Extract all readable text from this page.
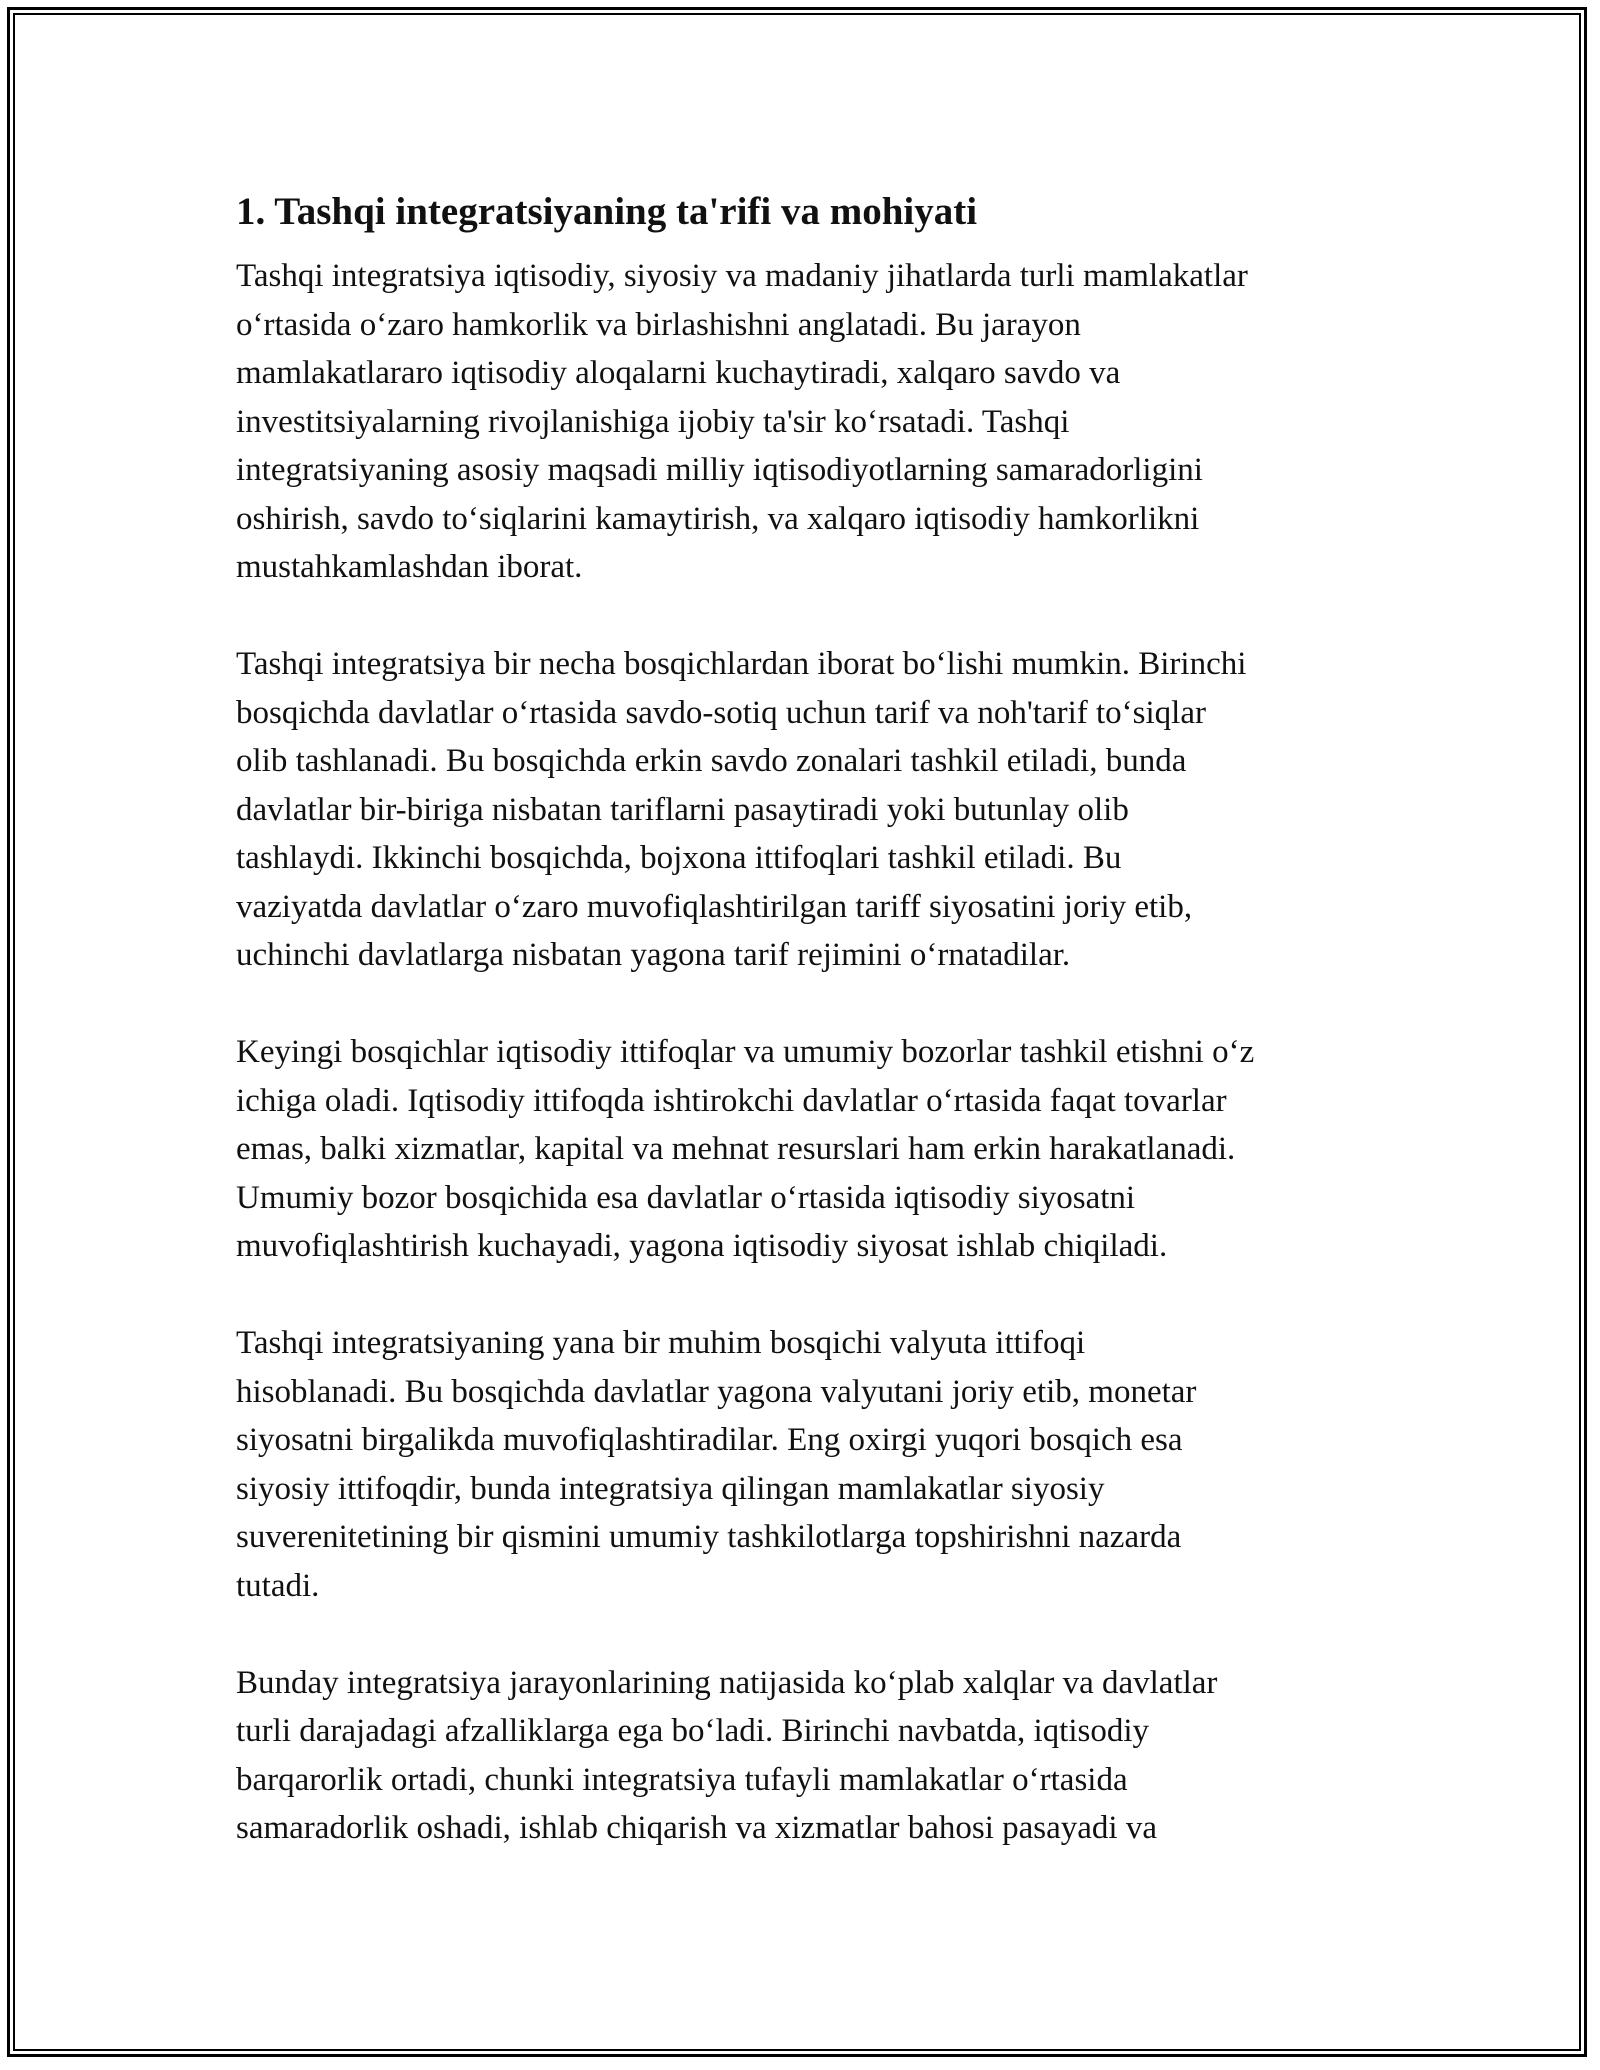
1. Tashqi integratsiyaning ta'rifi va mohiyati

Tashqi integratsiya iqtisodiy, siyosiy va madaniy jihatlarda turli mamlakatlar
o‘rtasida o‘zaro hamkorlik va birlashishni anglatadi. Bu jarayon
mamlakatlararo iqtisodiy aloqalarni kuchaytiradi, xalqaro savdo va
investitsiyalarning rivojlanishiga ijobiy ta'sir ko‘rsatadi. Tashqi
integratsiyaning asosiy maqsadi milliy iqtisodiyotlarning samaradorligini
oshirish, savdo to‘siqlarini kamaytirish, va xalqaro iqtisodiy hamkorlikni
mustahkamlashdan iborat.

Tashqi integratsiya bir necha bosqichlardan iborat bo‘lishi mumkin. Birinchi
bosqichda davlatlar o‘rtasida savdo-sotiq uchun tarif va noh'tarif to‘siqlar
olib tashlanadi. Bu bosqichda erkin savdo zonalari tashkil etiladi, bunda
davlatlar bir-biriga nisbatan tariflarni pasaytiradi yoki butunlay olib
tashlaydi. Ikkinchi bosqichda, bojxona ittifoqlari tashkil etiladi. Bu
vaziyatda davlatlar o‘zaro muvofiqlashtirilgan tariff siyosatini joriy etib,
uchinchi davlatlarga nisbatan yagona tarif rejimini o‘rnatadilar.

Keyingi bosqichlar iqtisodiy ittifoqlar va umumiy bozorlar tashkil etishni o‘z
ichiga oladi. Iqtisodiy ittifoqda ishtirokchi davlatlar o‘rtasida faqat tovarlar
emas, balki xizmatlar, kapital va mehnat resurslari ham erkin harakatlanadi.
Umumiy bozor bosqichida esa davlatlar o‘rtasida iqtisodiy siyosatni
muvofiqlashtirish kuchayadi, yagona iqtisodiy siyosat ishlab chiqiladi.

Tashqi integratsiyaning yana bir muhim bosqichi valyuta ittifoqi
hisoblanadi. Bu bosqichda davlatlar yagona valyutani joriy etib, monetar
siyosatni birgalikda muvofiqlashtiradilar. Eng oxirgi yuqori bosqich esa
siyosiy ittifoqdir, bunda integratsiya qilingan mamlakatlar siyosiy
suverenitetining bir qismini umumiy tashkilotlarga topshirishni nazarda
tutadi.

Bunday integratsiya jarayonlarining natijasida ko‘plab xalqlar va davlatlar
turli darajadagi afzalliklarga ega bo‘ladi. Birinchi navbatda, iqtisodiy
barqarorlik ortadi, chunki integratsiya tufayli mamlakatlar o‘rtasida
samaradorlik oshadi, ishlab chiqarish va xizmatlar bahosi pasayadi va
